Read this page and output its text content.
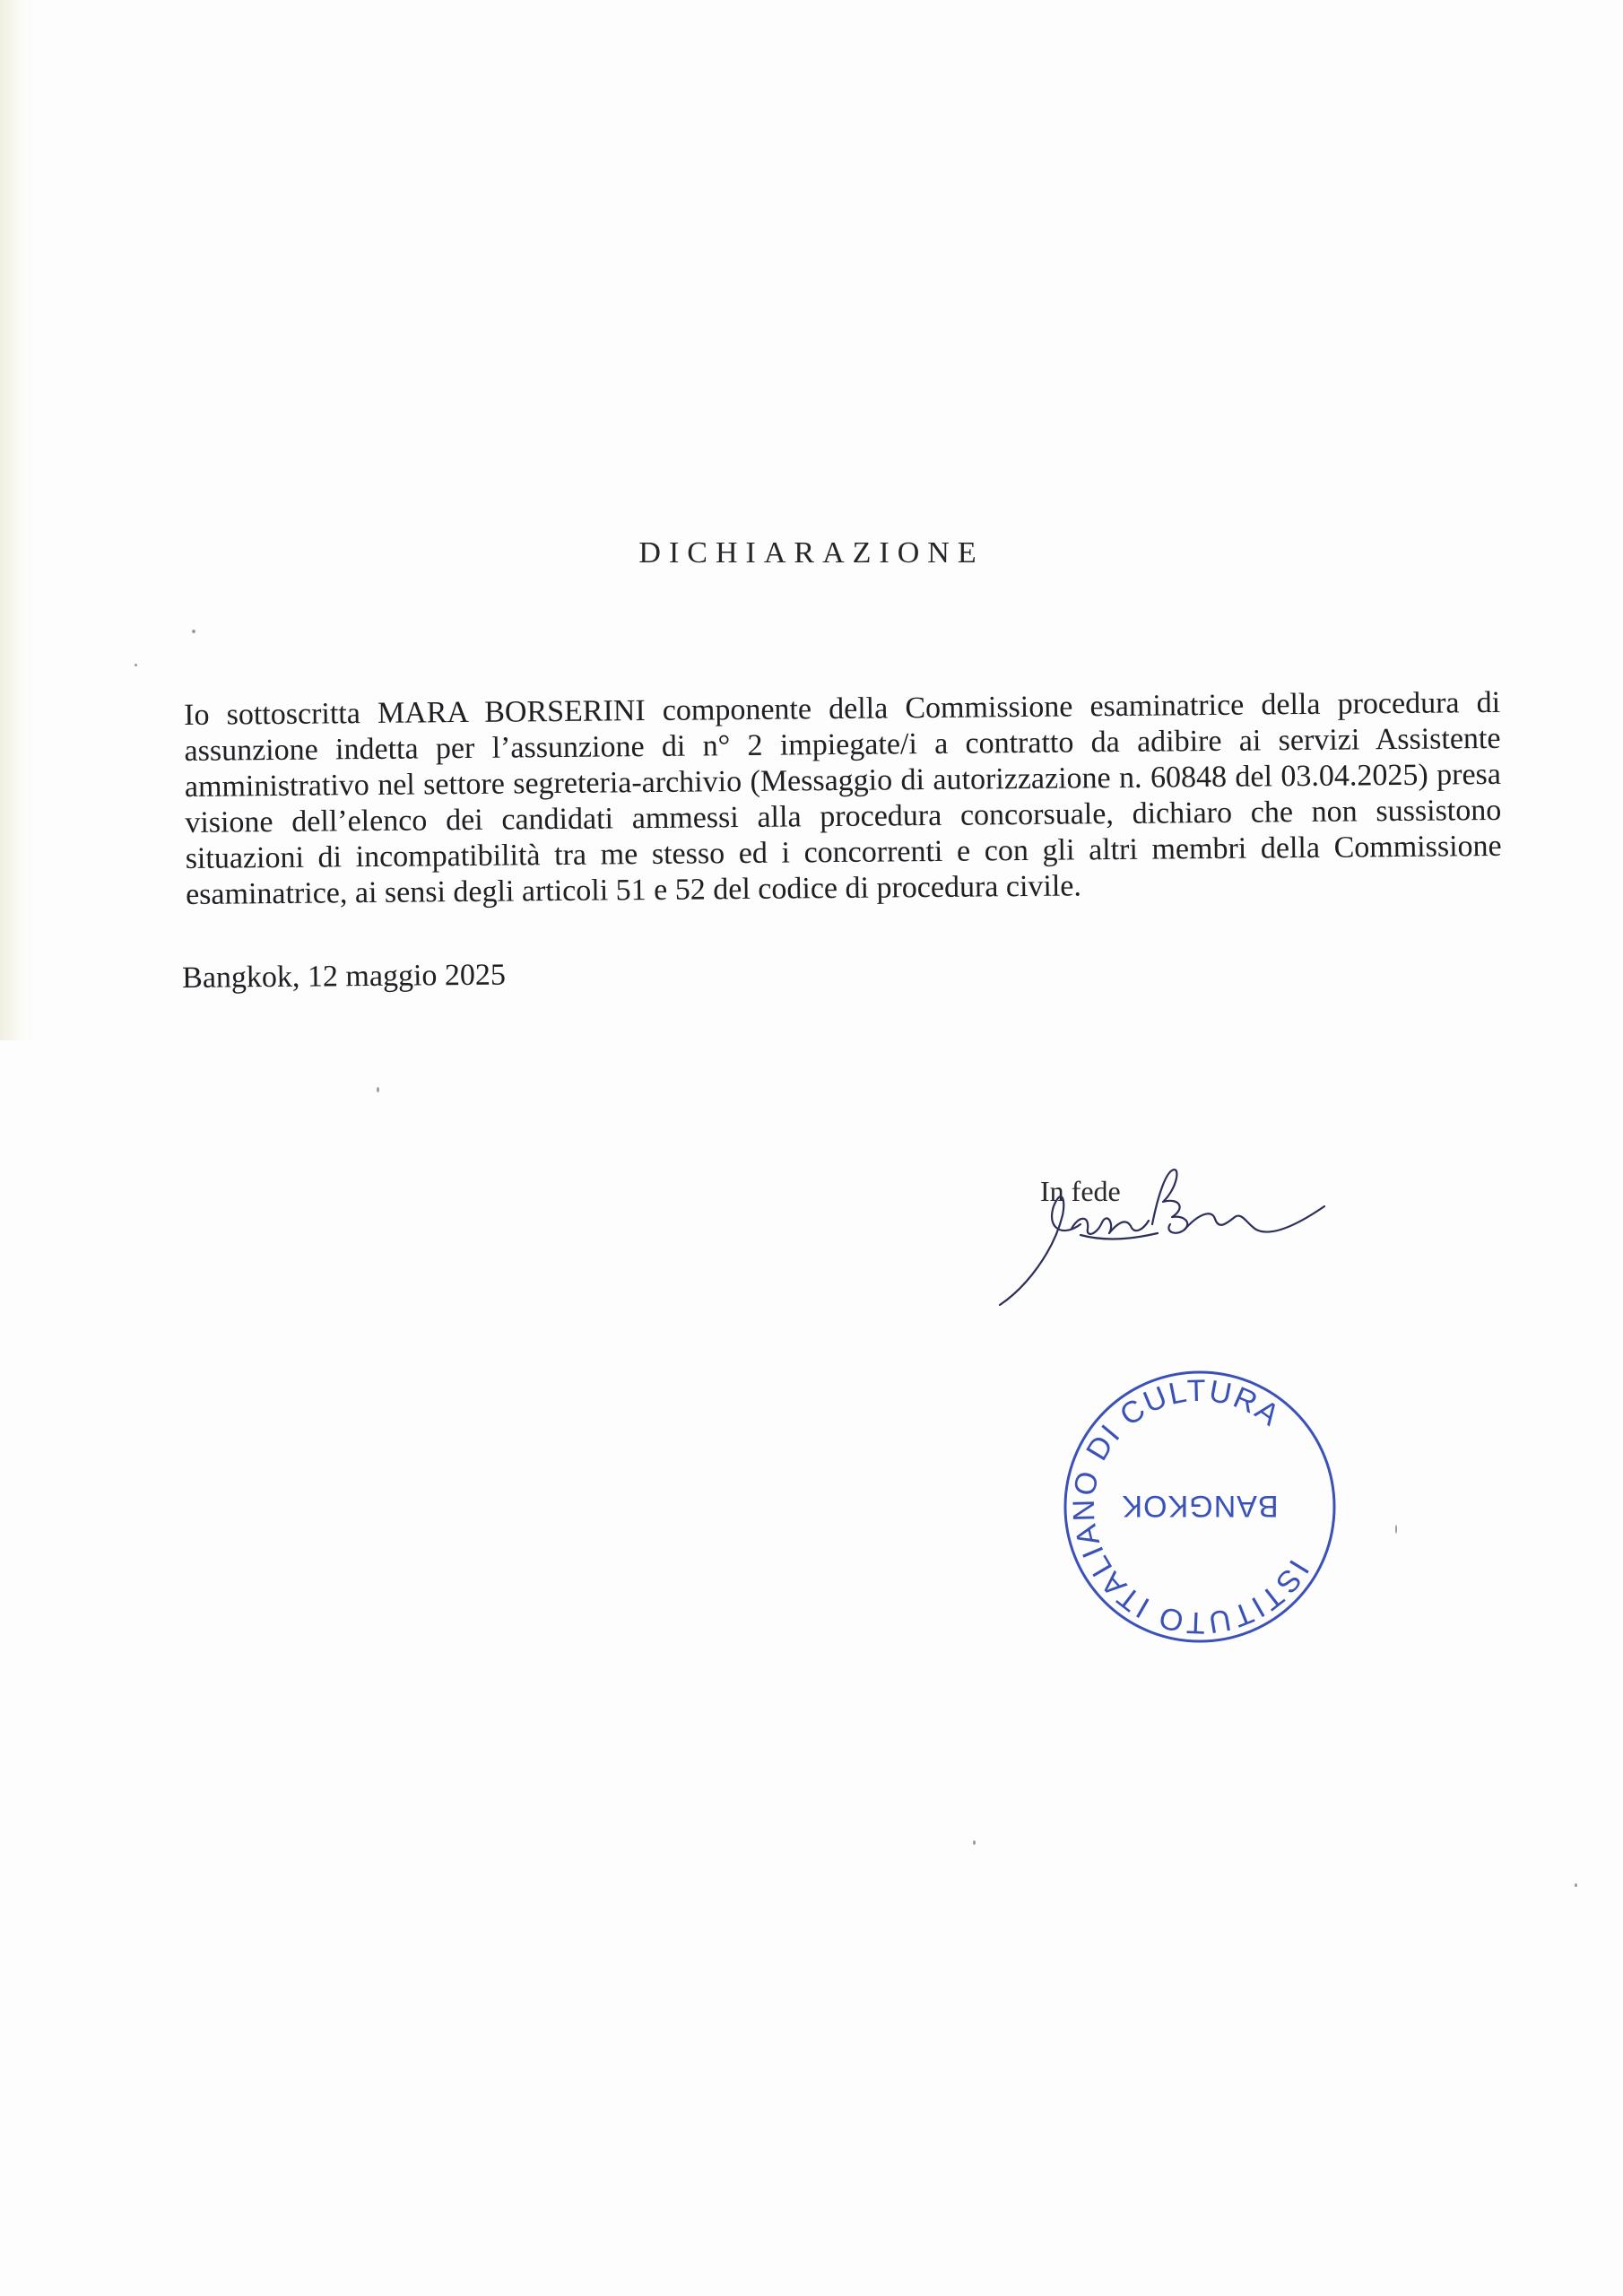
DICHIARAZIONE
Io sottoscritta MARA BORSERINI componente della Commissione esaminatrice della procedura di assunzione indetta per l’assunzione di n° 2 impiegate/i a contratto da adibire ai servizi Assistente amministrativo nel settore segreteria-archivio (Messaggio di autorizzazione n. 60848 del 03.04.2025) presa visione dell’elenco dei candidati ammessi alla procedura concorsuale, dichiaro che non sussistono situazioni di incompatibilità tra me stesso ed i concorrenti e con gli altri membri della Commissione esaminatrice, ai sensi degli articoli 51 e 52 del codice di procedura civile.
Bangkok, 12 maggio 2025
In fede
ISTITUTO ITALIANO DI CULTURA
BANGKOK
